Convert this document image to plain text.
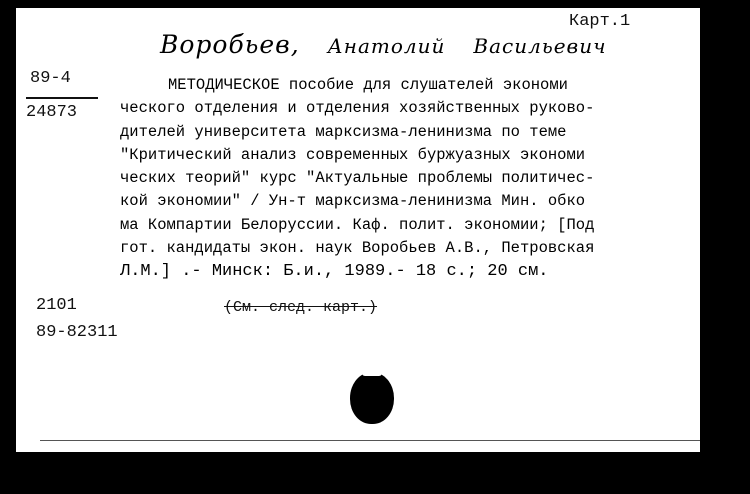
Карт.1
Воробьев, Анатолий Васильевич
89-4
24873

МЕТОДИЧЕСКОЕ пособие для слушателей экономи
ческого отделения и отделения хозяйственных руково-
дителей университета марксизма-ленинизма по теме
"Критический анализ современных буржуазных экономи
ческих теорий" курс "Актуальные проблемы политичес-
кой экономии" / Ун-т марксизма-ленинизма Мин. обко
ма Компартии Белоруссии. Каф. полит. экономии; [Под
гот. кандидаты экон. наук Воробьев А.В., Петровская
Л.М.] .- Минск: Б.и., 1989.- 18 с.; 20 см.

(См. след. карт.)
2101
89-82311
